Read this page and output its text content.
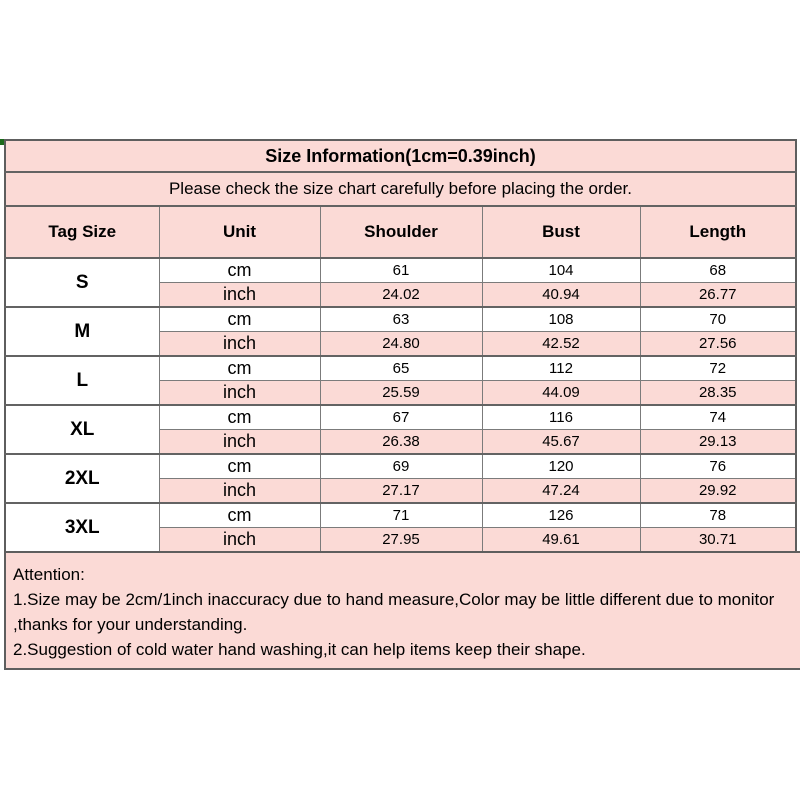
Size Information(1cm=0.39inch)				
Please check the size chart carefully before placing the order.				
Tag Size	Unit	Shoulder	Bust	Length
S	cm	61	104	68
	inch	24.02	40.94	26.77
M	cm	63	108	70
	inch	24.80	42.52	27.56
L	cm	65	112	72
	inch	25.59	44.09	28.35
XL	cm	67	116	74
	inch	26.38	45.67	29.13
2XL	cm	69	120	76
	inch	27.17	47.24	29.92
3XL	cm	71	126	78
	inch	27.95	49.61	30.71
Attention:
1.Size may be 2cm/1inch inaccuracy due to hand measure,Color may be little different due to monitor
,thanks for your understanding.
2.Suggestion of cold water hand washing,it can help items keep their shape.
